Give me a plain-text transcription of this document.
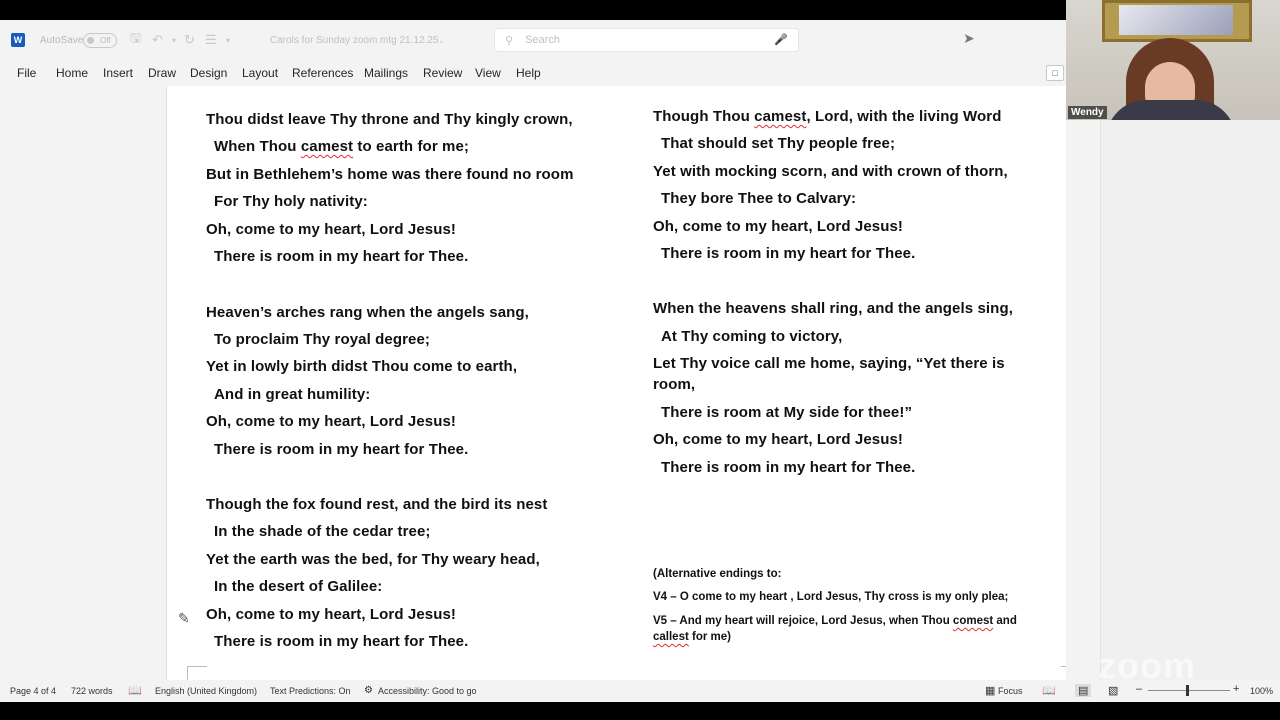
W AutoSave	Off	🖫 ↶ ▾ ↻ ☰ ▾	Carols for Sunday zoom mtg 21.12.25 ⌄	⚲ Search	🎤	➤
File Home Insert Draw Design Layout References Mailings Review View Help	□
Thou didst leave Thy throne and Thy kingly crown,
When Thou camest to earth for me;
But in Bethlehem’s home was there found no room
For Thy holy nativity:
Oh, come to my heart, Lord Jesus!
There is room in my heart for Thee.
Heaven’s arches rang when the angels sang,
To proclaim Thy royal degree;
Yet in lowly birth didst Thou come to earth,
And in great humility:
Oh, come to my heart, Lord Jesus!
There is room in my heart for Thee.
Though the fox found rest, and the bird its nest
In the shade of the cedar tree;
Yet the earth was the bed, for Thy weary head,
In the desert of Galilee:
Oh, come to my heart, Lord Jesus!
There is room in my heart for Thee.
Though Thou camest, Lord, with the living Word
That should set Thy people free;
Yet with mocking scorn, and with crown of thorn,
They bore Thee to Calvary:
Oh, come to my heart, Lord Jesus!
There is room in my heart for Thee.
When the heavens shall ring, and the angels sing,
At Thy coming to victory,
Let Thy voice call me home, saying, “Yet there is room,
There is room at My side for thee!”
Oh, come to my heart, Lord Jesus!
There is room in my heart for Thee.
(Alternative endings to:
V4 – O come to my heart , Lord Jesus, Thy cross is my only plea;
V5 – And my heart will rejoice, Lord Jesus, when Thou comest and callest for me)
✎
Page 4 of 4 722 words 📖 English (United Kingdom) Text Predictions: On ⚙ Accessibility: Good to go	▦ Focus 📖 ▤ ▧ –	+ 100%
Wendy
zoom
